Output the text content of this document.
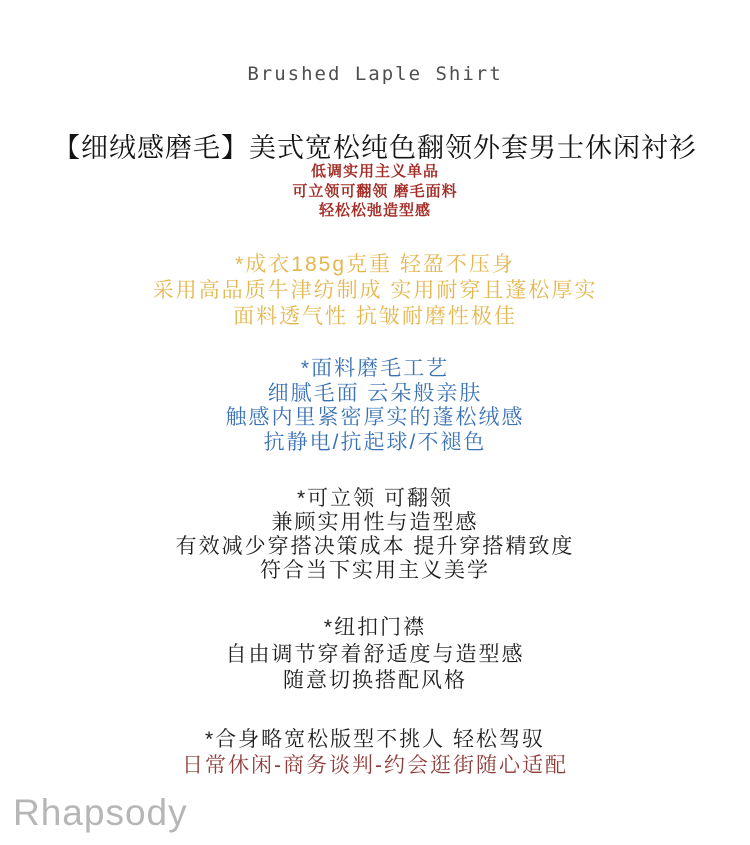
Brushed Laple Shirt
【细绒感磨毛】美式宽松纯色翻领外套男士休闲衬衫
低调实用主义单品
可立领可翻领 磨毛面料
轻松松弛造型感
*成衣185g克重 轻盈不压身
采用高品质牛津纺制成 实用耐穿且蓬松厚实
面料透气性 抗皱耐磨性极佳
*面料磨毛工艺
细腻毛面 云朵般亲肤
触感内里紧密厚实的蓬松绒感
抗静电/抗起球/不褪色
*可立领 可翻领
兼顾实用性与造型感
有效减少穿搭决策成本 提升穿搭精致度
符合当下实用主义美学
*纽扣门襟
自由调节穿着舒适度与造型感
随意切换搭配风格
*合身略宽松版型不挑人 轻松驾驭
日常休闲-商务谈判-约会逛街随心适配
Rhapsody
